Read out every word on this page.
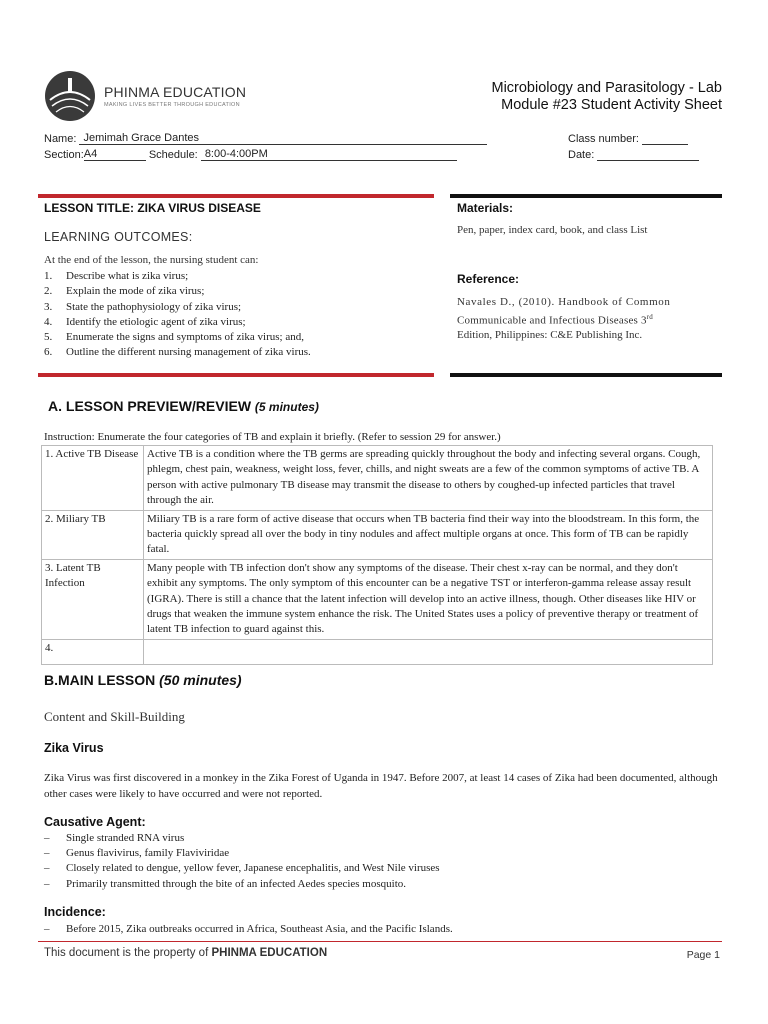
PHINMA EDUCATION
MAKING LIVES BETTER THROUGH EDUCATION
Microbiology and Parasitology - Lab
Module #23 Student Activity Sheet
Name: Jemimah Grace Dantes	Class number:
Section:A4	Schedule: 8:00-4:00PM	Date:
LESSON TITLE: ZIKA VIRUS DISEASE
LEARNING OUTCOMES:
At the end of the lesson, the nursing student can:
1. Describe what is zika virus;
2. Explain the mode of zika virus;
3. State the pathophysiology of zika virus;
4. Identify the etiologic agent of zika virus;
5. Enumerate the signs and symptoms of zika virus; and,
6. Outline the different nursing management of zika virus.
Materials:
Pen, paper, index card, book, and class List
Reference:
Navales D., (2010). Handbook of Common
Communicable and Infectious Diseases 3rd
Edition, Philippines: C&E Publishing Inc.
A. LESSON PREVIEW/REVIEW (5 minutes)
Instruction: Enumerate the four categories of TB and explain it briefly. (Refer to session 29 for answer.)
1. Active TB Disease	Active TB is a condition where the TB germs are spreading quickly throughout the body and infecting several organs. Cough, phlegm, chest pain, weakness, weight loss, fever, chills, and night sweats are a few of the common symptoms of active TB. A person with active pulmonary TB disease may transmit the disease to others by coughed-up infected particles that travel through the air.
2. Miliary TB	Miliary TB is a rare form of active disease that occurs when TB bacteria find their way into the bloodstream. In this form, the bacteria quickly spread all over the body in tiny nodules and affect multiple organs at once. This form of TB can be rapidly fatal.
3. Latent TB Infection	Many people with TB infection don't show any symptoms of the disease. Their chest x-ray can be normal, and they don't exhibit any symptoms. The only symptom of this encounter can be a negative TST or interferon-gamma release assay result (IGRA). There is still a chance that the latent infection will develop into an active illness, though. Other diseases like HIV or drugs that weaken the immune system enhance the risk. The United States uses a policy of preventive therapy or treatment of latent TB infection to guard against this.
4.	
B.MAIN LESSON (50 minutes)
Content and Skill-Building
Zika Virus
Zika Virus was first discovered in a monkey in the Zika Forest of Uganda in 1947. Before 2007, at least 14 cases of Zika had been documented, although other cases were likely to have occurred and were not reported.
Causative Agent:
– Single stranded RNA virus
– Genus flavivirus, family Flaviviridae
– Closely related to dengue, yellow fever, Japanese encephalitis, and West Nile viruses
– Primarily transmitted through the bite of an infected Aedes species mosquito.
Incidence:
– Before 2015, Zika outbreaks occurred in Africa, Southeast Asia, and the Pacific Islands.
This document is the property of PHINMA EDUCATION	Page 1
